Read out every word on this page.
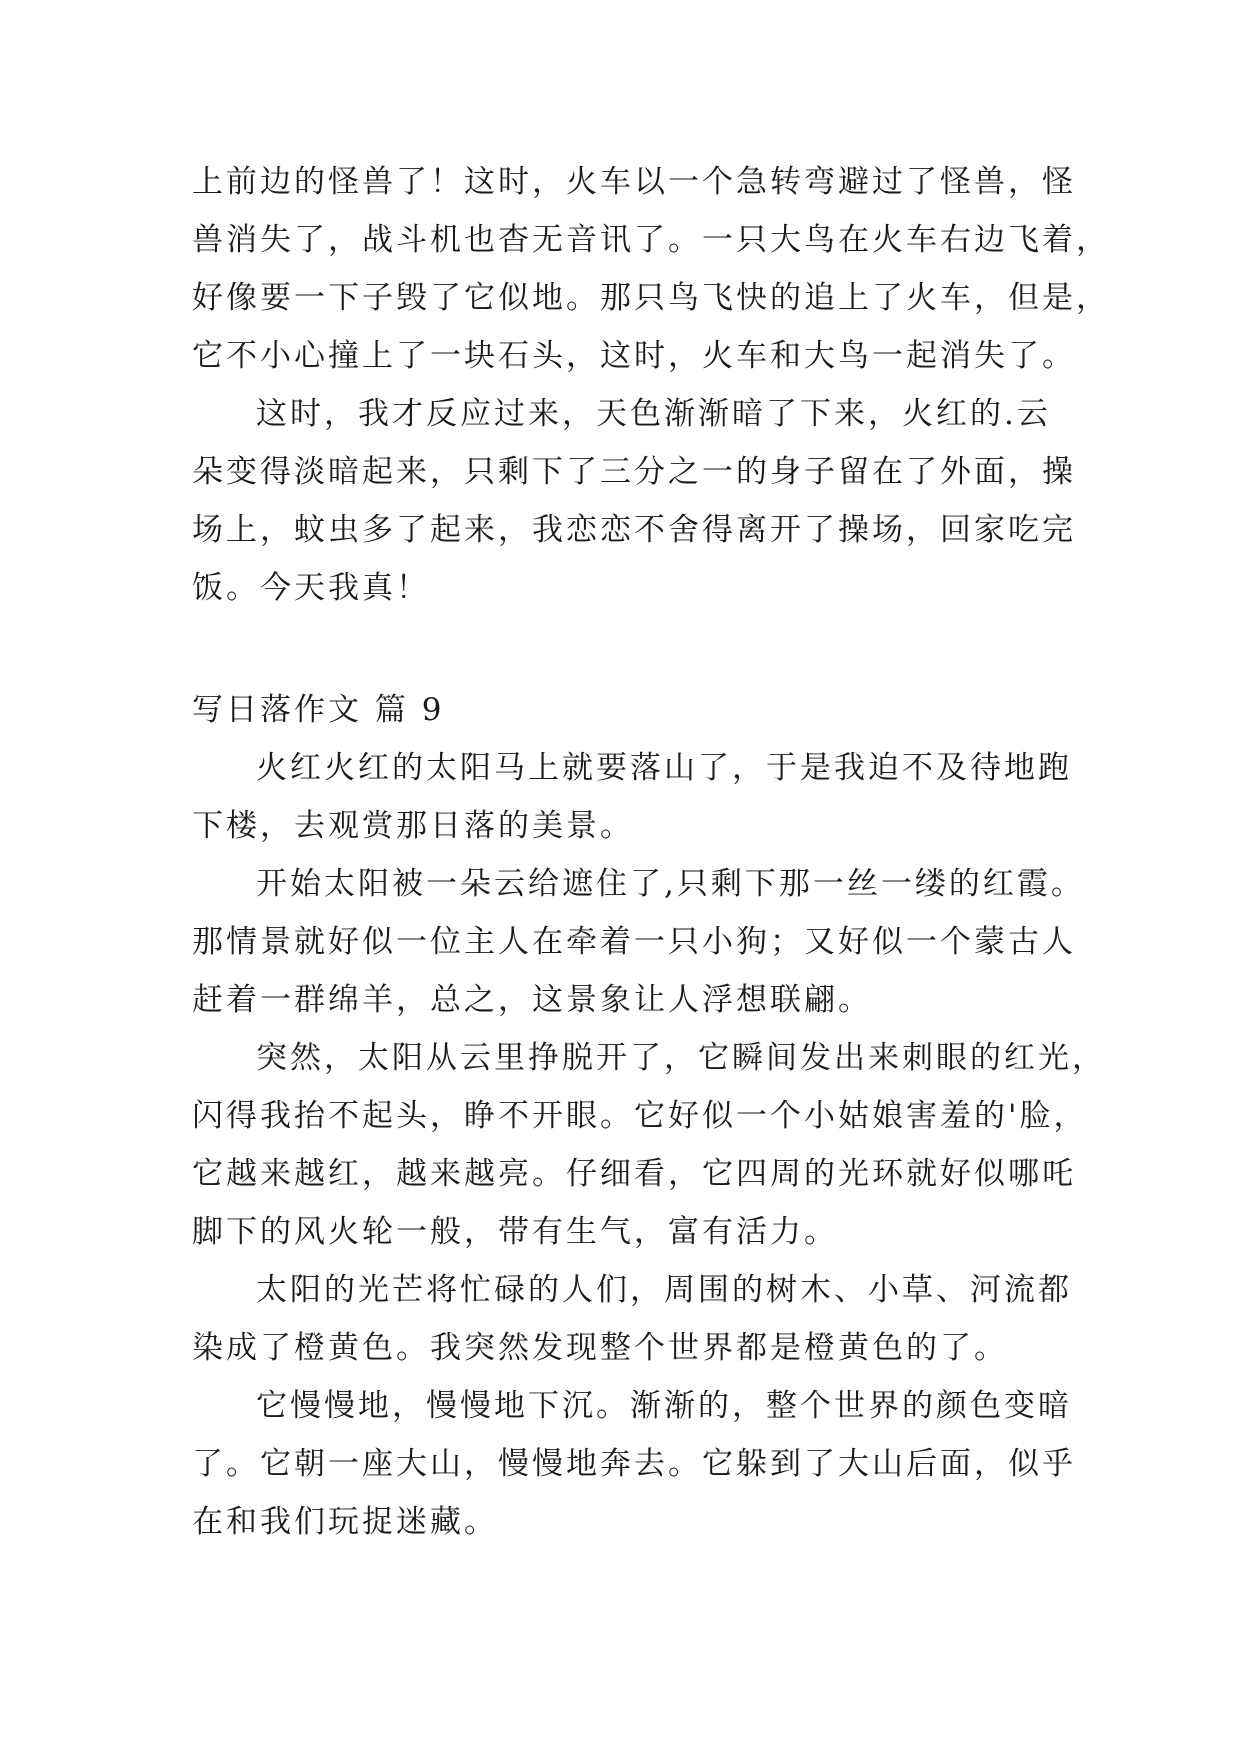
上前边的怪兽了！这时，火车以一个急转弯避过了怪兽，怪
兽消失了，战斗机也杳无音讯了。一只大鸟在火车右边飞着，
好像要一下子毁了它似地。那只鸟飞快的追上了火车，但是，
它不小心撞上了一块石头，这时，火车和大鸟一起消失了。
这时，我才反应过来，天色渐渐暗了下来，火红的.云
朵变得淡暗起来，只剩下了三分之一的身子留在了外面，操
场上，蚊虫多了起来，我恋恋不舍得离开了操场，回家吃完
饭。今天我真！
写日落作文 篇 9
火红火红的太阳马上就要落山了，于是我迫不及待地跑
下楼，去观赏那日落的美景。
开始太阳被一朵云给遮住了,只剩下那一丝一缕的红霞。
那情景就好似一位主人在牵着一只小狗；又好似一个蒙古人
赶着一群绵羊，总之，这景象让人浮想联翩。
突然，太阳从云里挣脱开了，它瞬间发出来刺眼的红光，
闪得我抬不起头，睁不开眼。它好似一个小姑娘害羞的'脸，
它越来越红，越来越亮。仔细看，它四周的光环就好似哪吒
脚下的风火轮一般，带有生气，富有活力。
太阳的光芒将忙碌的人们，周围的树木、小草、河流都
染成了橙黄色。我突然发现整个世界都是橙黄色的了。
它慢慢地，慢慢地下沉。渐渐的，整个世界的颜色变暗
了。它朝一座大山，慢慢地奔去。它躲到了大山后面，似乎
在和我们玩捉迷藏。
